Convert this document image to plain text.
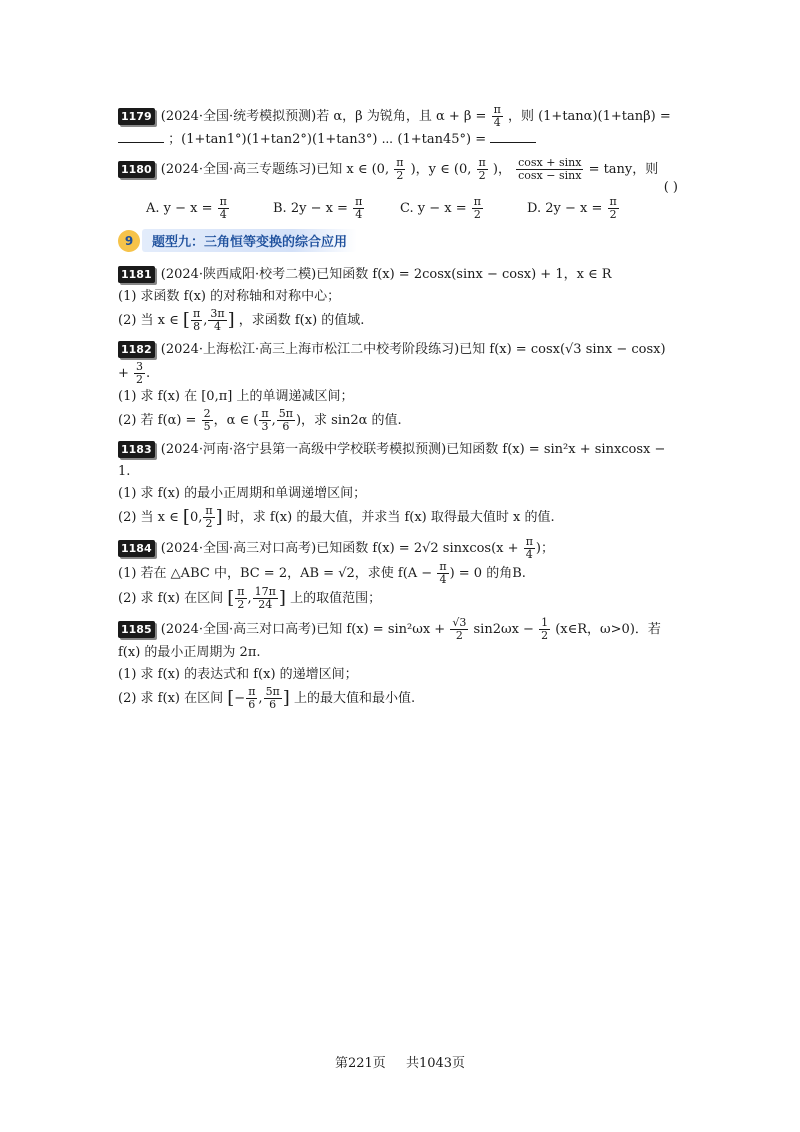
1179 (2024·全国·统考模拟预测)若 α，β 为锐角，且 $\alpha + \beta = \frac{\pi}{4}$ ，则 (1+tanα)(1+tanβ) =
；(1+tan1°)(1+tan2°)(1+tan3°) ⋯ (1+tan45°) =
1180 (2024·全国·高三专题练习)已知 x ∈ (0, $\frac{\pi}{2}$ )，y ∈ (0, $\frac{\pi}{2}$ )， $\frac{\cos x + \sin x}{\cos x - \sin x} = \tan y$，则
( )
A. $y - x = \frac{\pi}{4}$	B. $2y - x = \frac{\pi}{4}$	C. $y - x = \frac{\pi}{2}$	D. $2y - x = \frac{\pi}{2}$
9	题型九：三角恒等变换的综合应用
1181 (2024·陕西咸阳·校考二模)已知函数 f(x) = 2cosx(sinx − cosx) + 1，x ∈ R
(1) 求函数 f(x) 的对称轴和对称中心；
(2) 当 x ∈ [ $\frac{\pi}{8}$ , $\frac{3\pi}{4}$ ] ，求函数 f(x) 的值域.
1182 (2024·上海松江·高三上海市松江二中校考阶段练习)已知 f(x) = cosx(√3 sinx − cosx)
+ $\frac{3}{2}$ .
(1) 求 f(x) 在 [0,π] 上的单调递减区间；
(2) 若 $f(\alpha) = \frac{2}{5}$ ，α ∈ ( $\frac{\pi}{3}$ , $\frac{5\pi}{6}$ )，求 sin2α 的值.
1183 (2024·河南·洛宁县第一高级中学校联考模拟预测)已知函数 f(x) = sin²x + sinxcosx −
1.
(1) 求 f(x) 的最小正周期和单调递增区间；
(2) 当 x ∈ [0, $\frac{\pi}{2}$ ] 时，求 f(x) 的最大值，并求当 f(x) 取得最大值时 x 的值.
1184 (2024·全国·高三对口高考)已知函数 f(x) = 2√2 sinxcos(x + $\frac{\pi}{4}$ )；
(1) 若在 △ABC 中，BC = 2，AB = √2，求使 $f(A - \frac{\pi}{4}$ ) = 0 的角B.
(2) 求 f(x) 在区间 [ $\frac{\pi}{2}$ , $\frac{17\pi}{24}$ ] 上的取值范围；
1185 (2024·全国·高三对口高考)已知 $f(x) = \sin^2\omega x + \frac{√3}{2} \sin 2\omega x - \frac{1}{2}$ (x∈R，ω>0)．若
f(x) 的最小正周期为 2π.
(1) 求 f(x) 的表达式和 f(x) 的递增区间；
(2) 求 f(x) 在区间 [− $\frac{\pi}{6}$ , $\frac{5\pi}{6}$ ] 上的最大值和最小值.
第221页 共1043页
